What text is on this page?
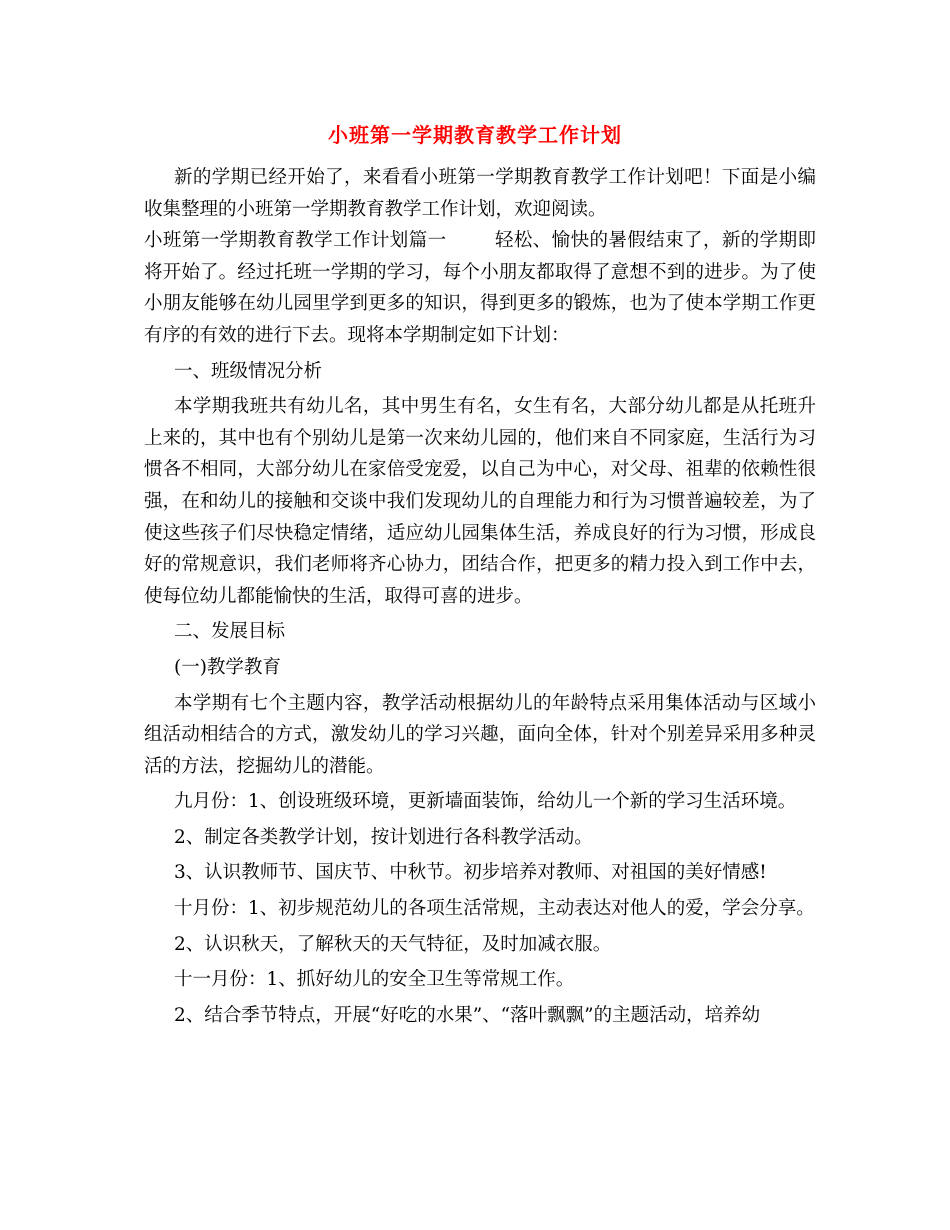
小班第一学期教育教学工作计划

新的学期已经开始了，来看看小班第一学期教育教学工作计划吧！下面是小编收集整理的小班第一学期教育教学工作计划，欢迎阅读。

小班第一学期教育教学工作计划篇一	轻松、愉快的暑假结束了，新的学期即将开始了。经过托班一学期的学习，每个小朋友都取得了意想不到的进步。为了使小朋友能够在幼儿园里学到更多的知识，得到更多的锻炼，也为了使本学期工作更有序的有效的进行下去。现将本学期制定如下计划：

一、班级情况分析

本学期我班共有幼儿名，其中男生有名，女生有名，大部分幼儿都是从托班升上来的，其中也有个别幼儿是第一次来幼儿园的，他们来自不同家庭，生活行为习惯各不相同，大部分幼儿在家倍受宠爱，以自己为中心，对父母、祖辈的依赖性很强，在和幼儿的接触和交谈中我们发现幼儿的自理能力和行为习惯普遍较差，为了使这些孩子们尽快稳定情绪，适应幼儿园集体生活，养成良好的行为习惯，形成良好的常规意识，我们老师将齐心协力，团结合作，把更多的精力投入到工作中去，使每位幼儿都能愉快的生活，取得可喜的进步。

二、发展目标

(一)教学教育

本学期有七个主题内容，教学活动根据幼儿的年龄特点采用集体活动与区域小组活动相结合的方式，激发幼儿的学习兴趣，面向全体，针对个别差异采用多种灵活的方法，挖掘幼儿的潜能。

九月份：1、创设班级环境，更新墙面装饰，给幼儿一个新的学习生活环境。

2、制定各类教学计划，按计划进行各科教学活动。

3、认识教师节、国庆节、中秋节。初步培养对教师、对祖国的美好情感!

十月份：1、初步规范幼儿的各项生活常规，主动表达对他人的爱，学会分享。

2、认识秋天，了解秋天的天气特征，及时加减衣服。

十一月份：1、抓好幼儿的安全卫生等常规工作。

2、结合季节特点，开展“好吃的水果”、“落叶飘飘”的主题活动，培养幼
